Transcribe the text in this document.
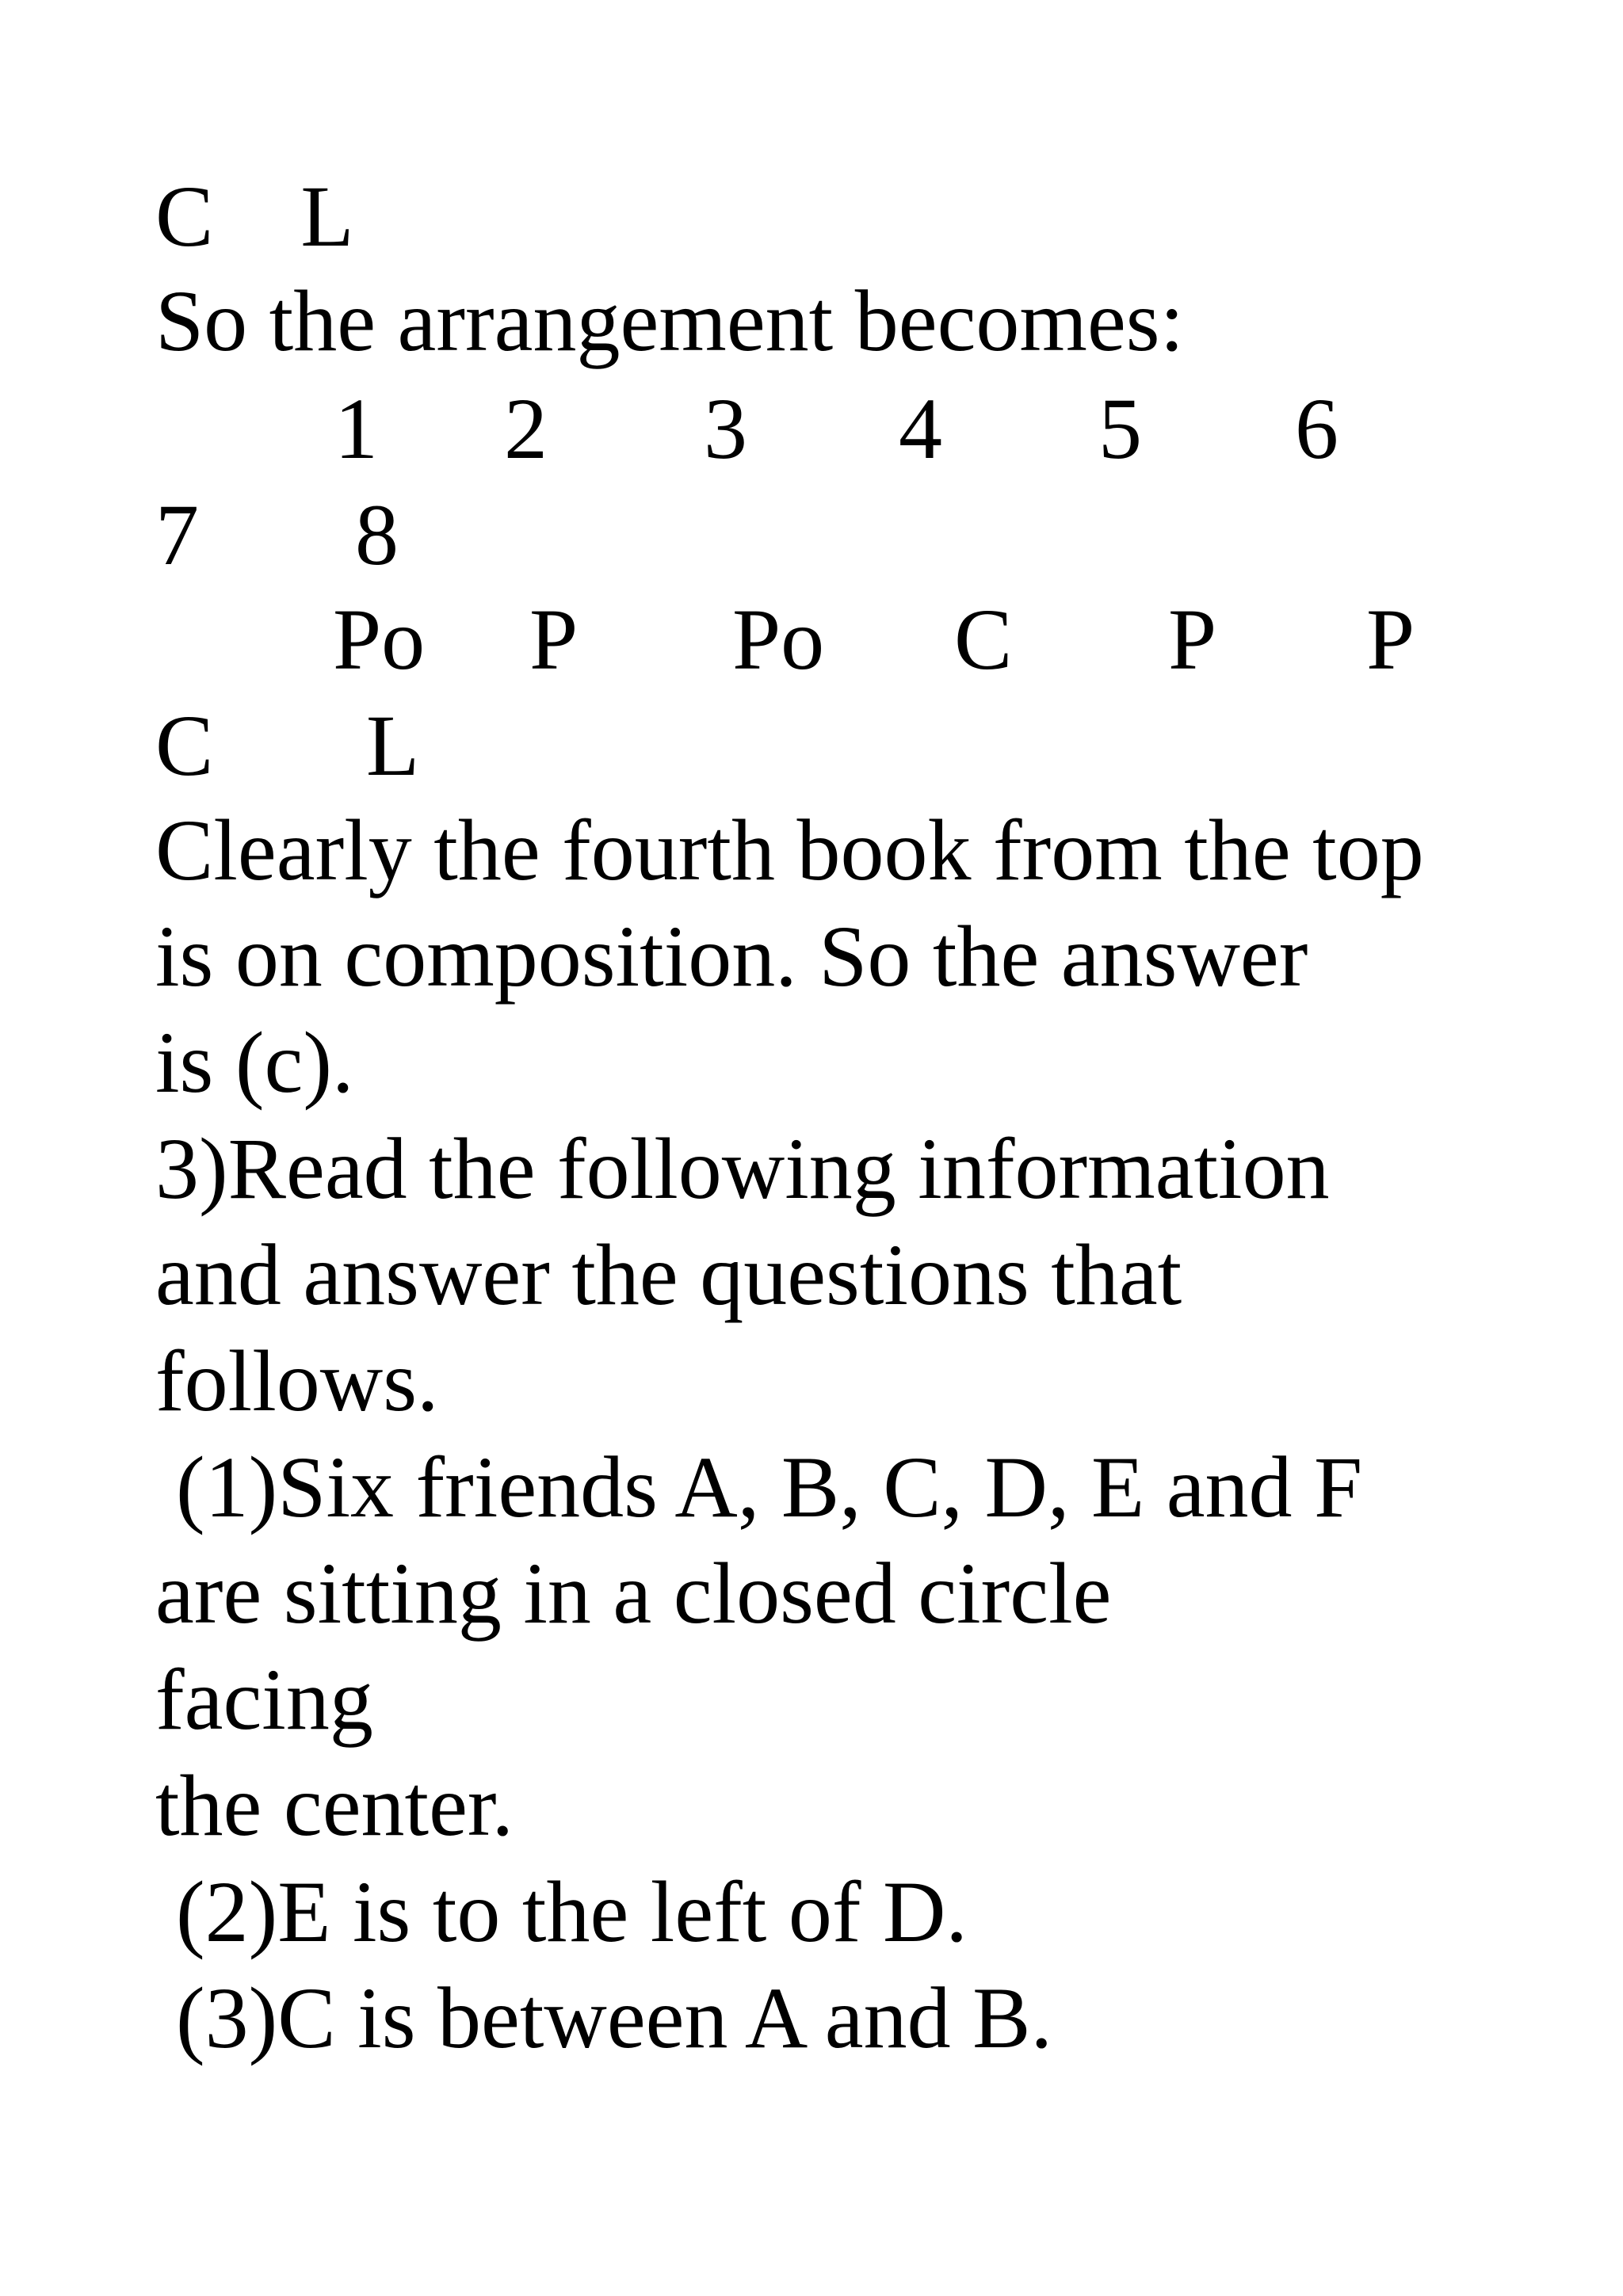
C    L
So the arrangement becomes:
1 2 3 4 5 6
7 8
Po P Po C P P
C L
Clearly the fourth book from the top
is on composition. So the answer
is (c).
3)Read the following information
and answer the questions that
follows.
(1)Six friends A, B, C, D, E and F
are sitting in a closed circle
facing
the center.
(2)E is to the left of D.
(3)C is between A and B.
